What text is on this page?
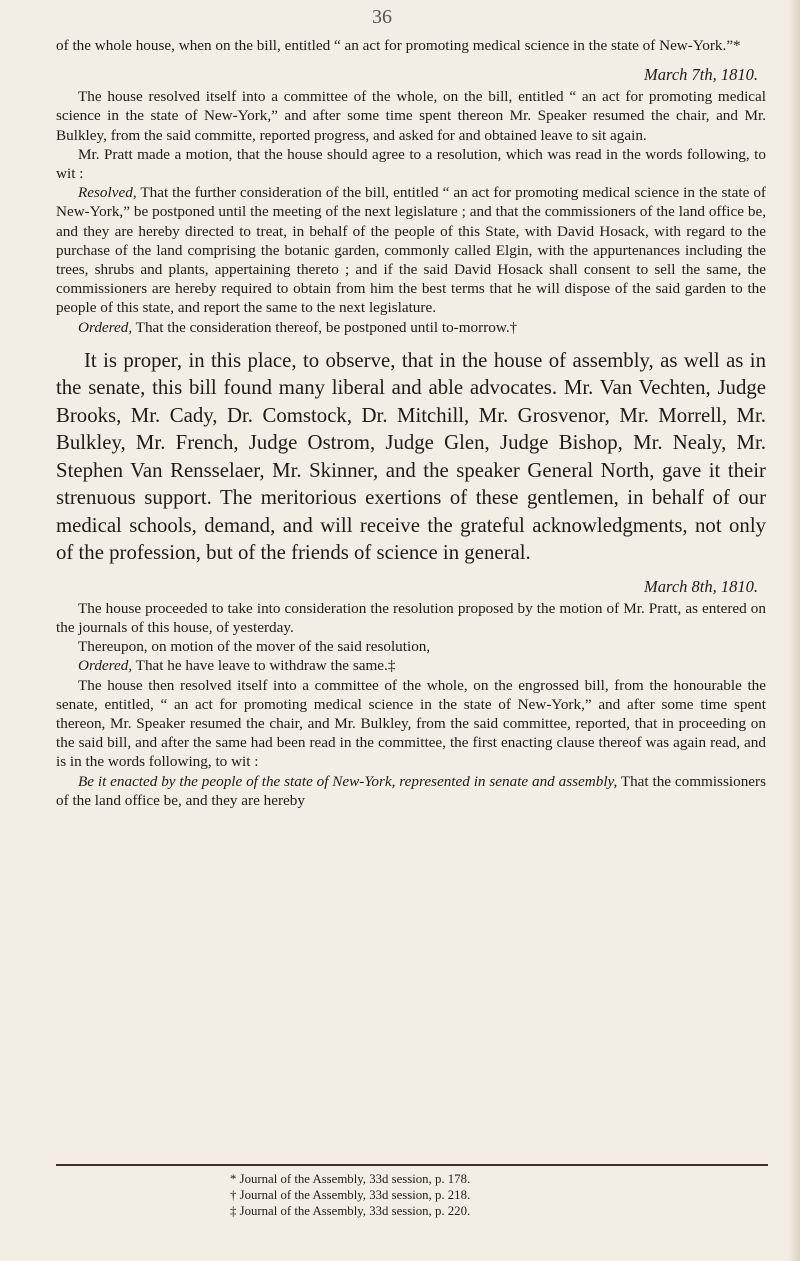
36

of the whole house, when on the bill, entitled “ an act for promoting medical science in the state of New-York.”*

March 7th, 1810.

The house resolved itself into a committee of the whole, on the bill, entitled “ an act for promoting medical science in the state of New-York,” and after some time spent thereon Mr. Speaker resumed the chair, and Mr. Bulkley, from the said committe, reported progress, and asked for and obtained leave to sit again.

Mr. Pratt made a motion, that the house should agree to a resolution, which was read in the words following, to wit :

Resolved, That the further consideration of the bill, entitled “ an act for promoting medical science in the state of New-York,” be postponed until the meeting of the next legislature ; and that the commissioners of the land office be, and they are hereby directed to treat, in behalf of the people of this State, with David Hosack, with regard to the purchase of the land comprising the botanic garden, commonly called Elgin, with the appurtenances including the trees, shrubs and plants, appertaining thereto ; and if the said David Hosack shall consent to sell the same, the commissioners are hereby required to obtain from him the best terms that he will dispose of the said garden to the people of this state, and report the same to the next legislature.

Ordered, That the consideration thereof, be postponed until to-morrow.†

It is proper, in this place, to observe, that in the house of assembly, as well as in the senate, this bill found many liberal and able advocates. Mr. Van Vechten, Judge Brooks, Mr. Cady, Dr. Comstock, Dr. Mitchill, Mr. Grosvenor, Mr. Morrell, Mr. Bulkley, Mr. French, Judge Ostrom, Judge Glen, Judge Bishop, Mr. Nealy, Mr. Stephen Van Rensselaer, Mr. Skinner, and the speaker General North, gave it their strenuous support. The meritorious exertions of these gentlemen, in behalf of our medical schools, demand, and will receive the grateful acknowledgments, not only of the profession, but of the friends of science in general.

March 8th, 1810.

The house proceeded to take into consideration the resolution proposed by the motion of Mr. Pratt, as entered on the journals of this house, of yesterday.

Thereupon, on motion of the mover of the said resolution,

Ordered, That he have leave to withdraw the same.‡

The house then resolved itself into a committee of the whole, on the engrossed bill, from the honourable the senate, entitled, “ an act for promoting medical science in the state of New-York,” and after some time spent thereon, Mr. Speaker resumed the chair, and Mr. Bulkley, from the said committee, reported, that in proceeding on the said bill, and after the same had been read in the committee, the first enacting clause thereof was again read, and is in the words following, to wit :

Be it enacted by the people of the state of New-York, represented in senate and assembly, That the commissioners of the land office be, and they are hereby

* Journal of the Assembly, 33d session, p. 178.

† Journal of the Assembly, 33d session, p. 218.

‡ Journal of the Assembly, 33d session, p. 220.
